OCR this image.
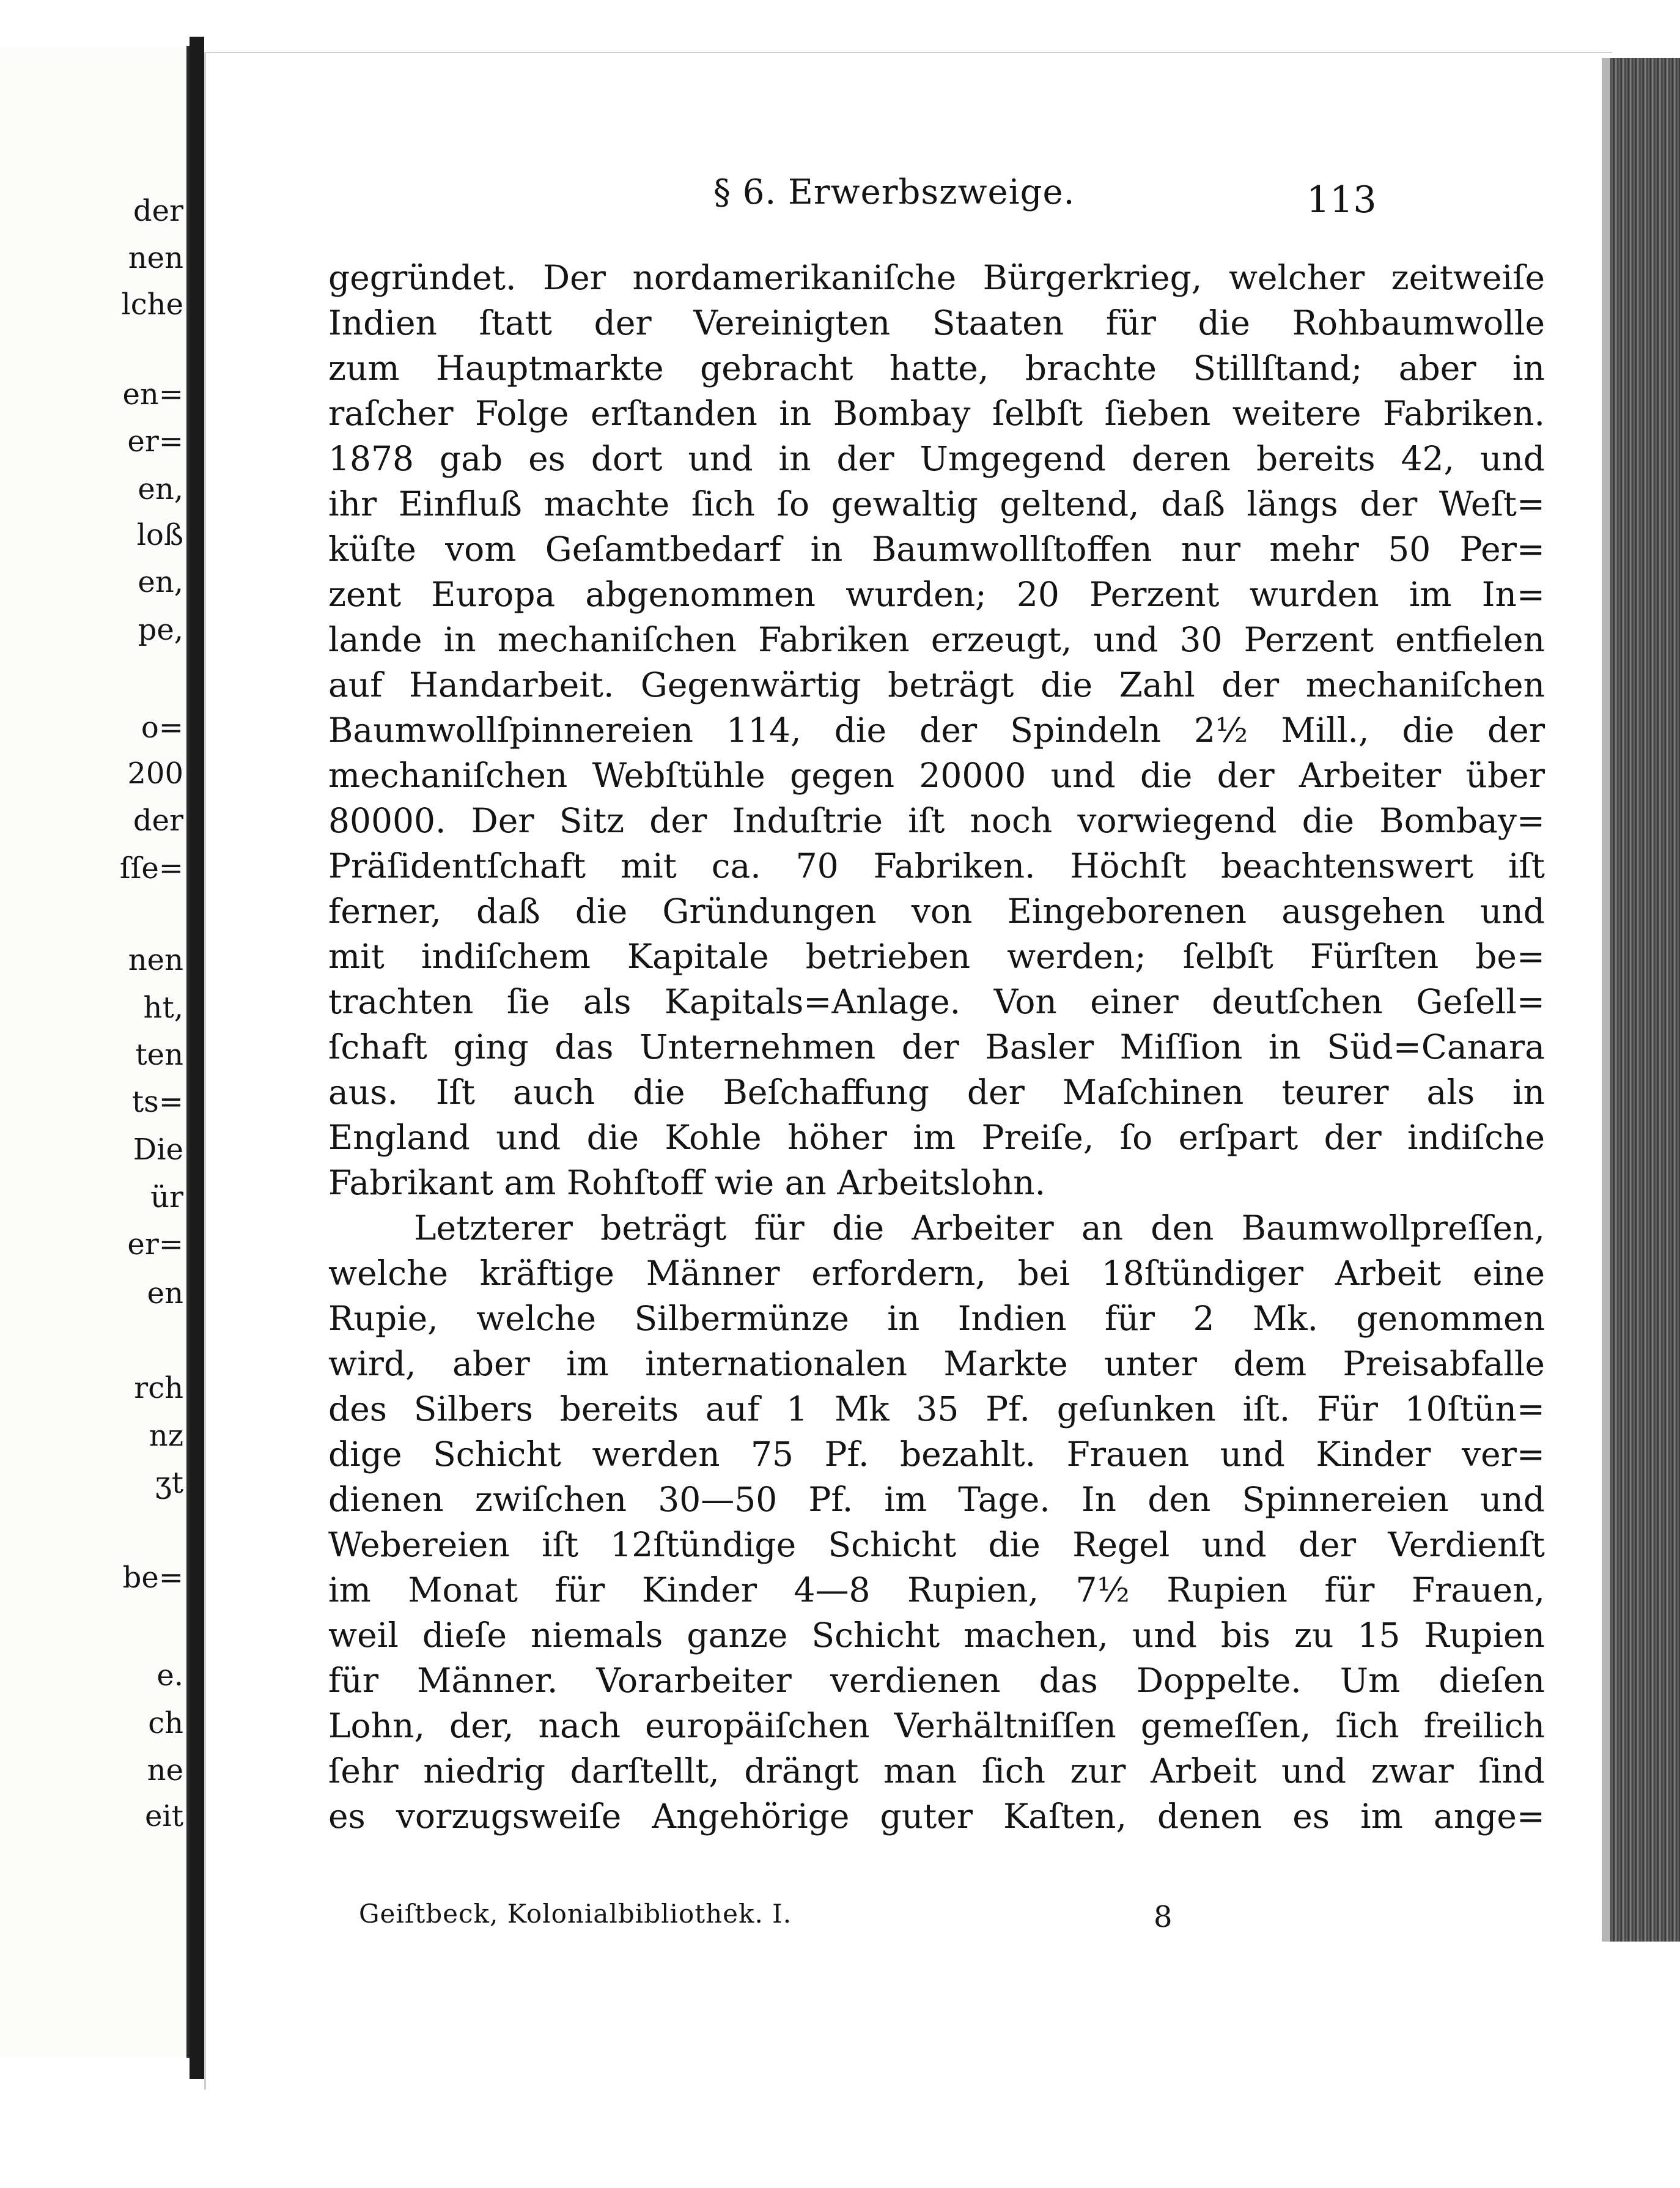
der
nen
lche
en=
er=
en,
loß
en,
pe,
o=
200
der
ſſe=
nen
ht,
ten
ts=
Die
ür
er=
en
rch
nz
ʒt
be=
e.
ch
ne
eit
§ 6. Erwerbszweige.	113
gegründet. Der nordamerikaniſche Bürgerkrieg, welcher zeitweiſe
Indien ſtatt der Vereinigten Staaten für die Rohbaumwolle
zum Hauptmarkte gebracht hatte, brachte Stillſtand; aber in
raſcher Folge erſtanden in Bombay ſelbſt ſieben weitere Fabriken.
1878 gab es dort und in der Umgegend deren bereits 42, und
ihr Einfluß machte ſich ſo gewaltig geltend, daß längs der Weſt=
küſte vom Geſamtbedarf in Baumwollſtoffen nur mehr 50 Per=
zent Europa abgenommen wurden; 20 Perzent wurden im In=
lande in mechaniſchen Fabriken erzeugt, und 30 Perzent entfielen
auf Handarbeit. Gegenwärtig beträgt die Zahl der mechaniſchen
Baumwollſpinnereien 114, die der Spindeln 2½ Mill., die der
mechaniſchen Webſtühle gegen 20000 und die der Arbeiter über
80000. Der Sitz der Induſtrie iſt noch vorwiegend die Bombay=
Präſidentſchaft mit ca. 70 Fabriken. Höchſt beachtenswert iſt
ferner, daß die Gründungen von Eingeborenen ausgehen und
mit indiſchem Kapitale betrieben werden; ſelbſt Fürſten be=
trachten ſie als Kapitals=Anlage. Von einer deutſchen Geſell=
ſchaft ging das Unternehmen der Basler Miſſion in Süd=Canara
aus. Iſt auch die Beſchaffung der Maſchinen teurer als in
England und die Kohle höher im Preiſe, ſo erſpart der indiſche
Fabrikant am Rohſtoff wie an Arbeitslohn.
Letzterer beträgt für die Arbeiter an den Baumwollpreſſen,
welche kräftige Männer erfordern, bei 18ſtündiger Arbeit eine
Rupie, welche Silbermünze in Indien für 2 Mk. genommen
wird, aber im internationalen Markte unter dem Preisabfalle
des Silbers bereits auf 1 Mk 35 Pf. geſunken iſt. Für 10ſtün=
dige Schicht werden 75 Pf. bezahlt. Frauen und Kinder ver=
dienen zwiſchen 30—50 Pf. im Tage. In den Spinnereien und
Webereien iſt 12ſtündige Schicht die Regel und der Verdienſt
im Monat für Kinder 4—8 Rupien, 7½ Rupien für Frauen,
weil dieſe niemals ganze Schicht machen, und bis zu 15 Rupien
für Männer. Vorarbeiter verdienen das Doppelte. Um dieſen
Lohn, der, nach europäiſchen Verhältniſſen gemeſſen, ſich freilich
ſehr niedrig darſtellt, drängt man ſich zur Arbeit und zwar ſind
es vorzugsweiſe Angehörige guter Kaſten, denen es im ange=
Geiſtbeck, Kolonialbibliothek. I.	8
